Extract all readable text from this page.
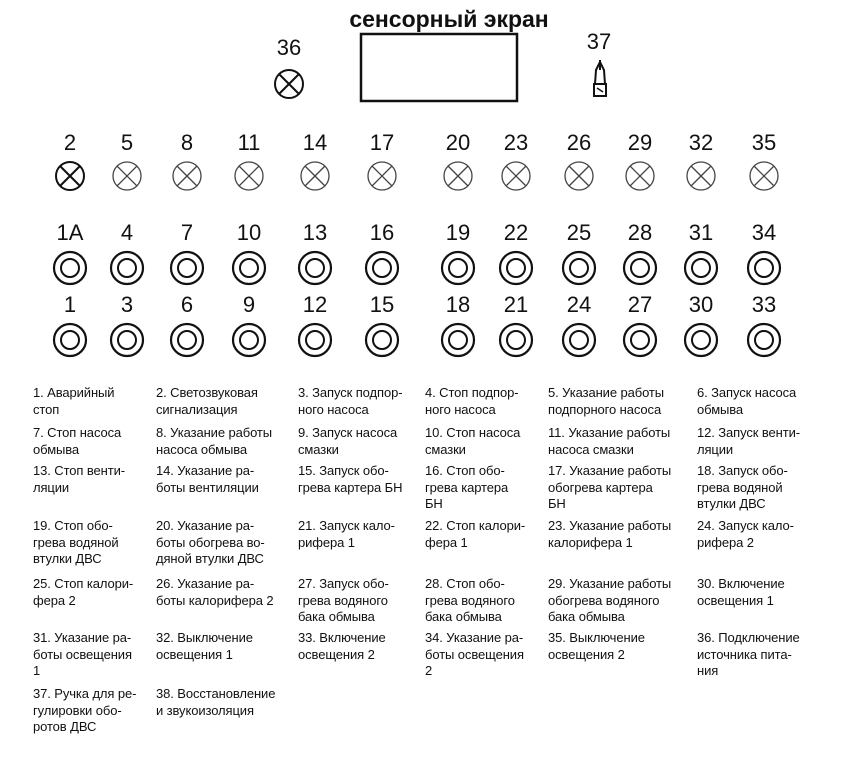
сенсорный экран
36	37
2 5 8 11 14 17 20 23 26 29 32 35
1А 4 7 10 13 16 19 22 25 28 31 34
1 3 6 9 12 15 18 21 24 27 30 33
1. Аварийный
стоп
2. Светозвуковая
сигнализация
3. Запуск подпор-
ного насоса
4. Стоп подпор-
ного насоса
5. Указание работы
подпорного насоса
6. Запуск насоса
обмыва
7. Стоп насоса
обмыва
8. Указание работы
насоса обмыва
9. Запуск насоса
смазки
10. Стоп насоса
смазки
11. Указание работы
насоса смазки
12. Запуск венти-
ляции
13. Стоп венти-
ляции
14. Указание ра-
боты вентиляции
15. Запуск обо-
грева картера БН
16. Стоп обо-
грева картера
БН
17. Указание работы
обогрева картера
БН
18. Запуск обо-
грева водяной
втулки ДВС
19. Стоп обо-
грева водяной
втулки ДВС
20. Указание ра-
боты обогрева во-
дяной втулки ДВС
21. Запуск кало-
рифера 1
22. Стоп калори-
фера 1
23. Указание работы
калорифера 1
24. Запуск кало-
рифера 2
25. Стоп калори-
фера 2
26. Указание ра-
боты калорифера 2
27. Запуск обо-
грева водяного
бака обмыва
28. Стоп обо-
грева водяного
бака обмыва
29. Указание работы
обогрева водяного
бака обмыва
30. Включение
освещения 1
31. Указание ра-
боты освещения
1
32. Выключение
освещения 1
33. Включение
освещения 2
34. Указание ра-
боты освещения
2
35. Выключение
освещения 2
36. Подключение
источника пита-
ния
37. Ручка для ре-
гулировки обо-
ротов ДВС
38. Восстановление
и звукоизоляция
